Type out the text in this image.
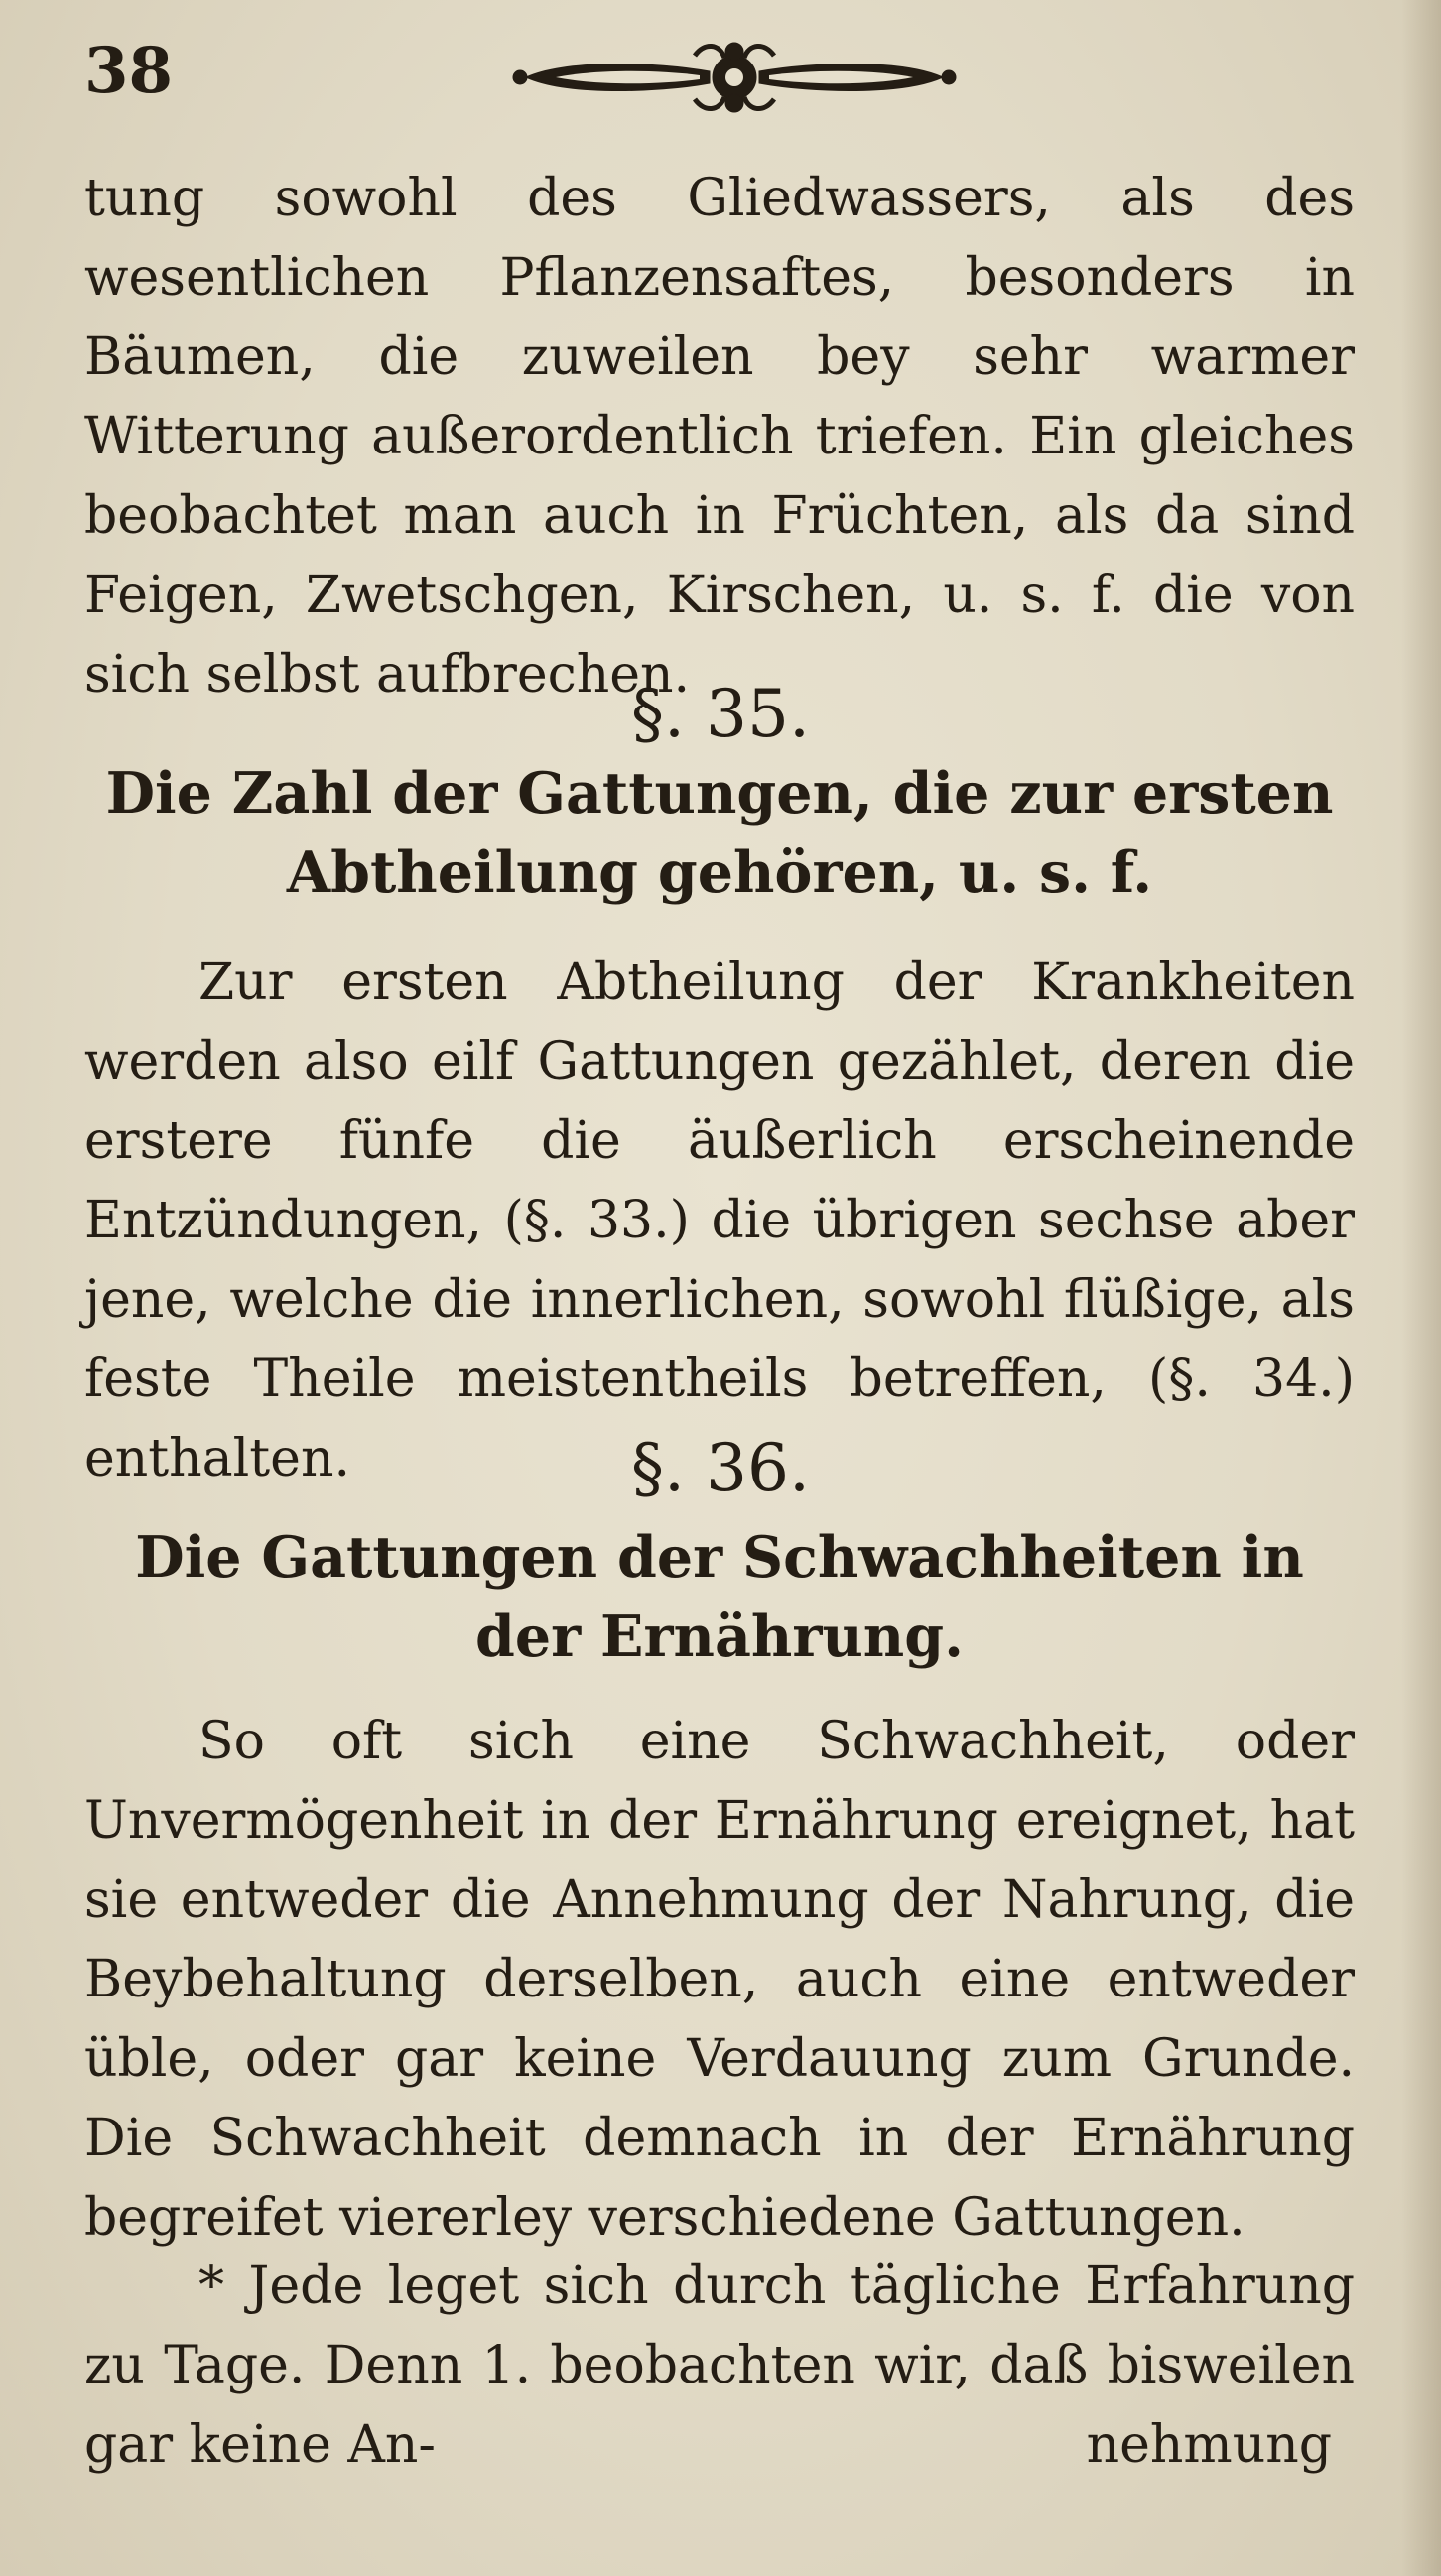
38

tung sowohl des Gliedwassers, als des wesentlichen Pflanzensaftes, besonders in Bäumen, die zuweilen bey sehr warmer Witterung außerordentlich triefen. Ein gleiches beobachtet man auch in Früchten, als da sind Feigen, Zwetschgen, Kirschen, u. s. f. die von sich selbst aufbrechen.

§. 35.
Die Zahl der Gattungen, die zur ersten Abtheilung gehören, u. s. f.

Zur ersten Abtheilung der Krankheiten werden also eilf Gattungen gezählet, deren die erstere fünfe die äußerlich erscheinende Entzündungen, (§. 33.) die übrigen sechse aber jene, welche die innerlichen, sowohl flüßige, als feste Theile meistentheils betreffen, (§. 34.) enthalten.	§. 36.
Die Gattungen der Schwachheiten in der Ernährung.

So oft sich eine Schwachheit, oder Unvermögenheit in der Ernährung ereignet, hat sie entweder die Annehmung der Nahrung, die Beybehaltung derselben, auch eine entweder üble, oder gar keine Verdauung zum Grunde. Die Schwachheit demnach in der Ernährung begreifet viererley verschiedene Gattungen.

* Jede leget sich durch tägliche Erfahrung zu Tage. Denn 1. beobachten wir, daß bisweilen gar keine An-	nehmung
